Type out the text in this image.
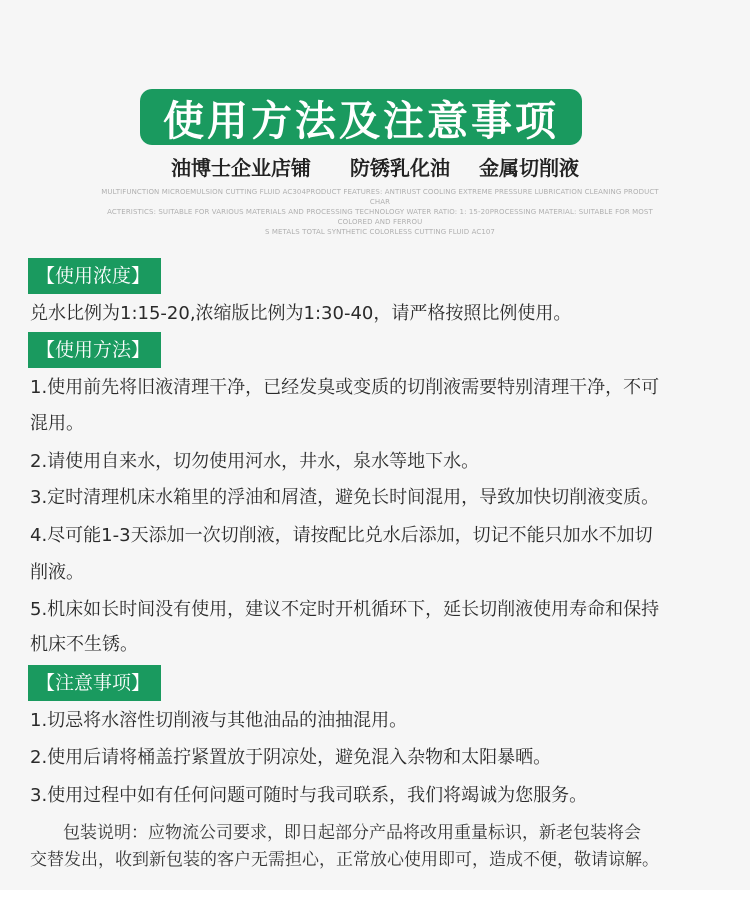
使用方法及注意事项
油博士企业店铺 防锈乳化油 金属切削液
MULTIFUNCTION MICROEMULSION CUTTING FLUID AC304PRODUCT FEATURES: ANTIRUST COOLING EXTREME PRESSURE LUBRICATION CLEANING PRODUCT CHAR
ACTERISTICS: SUITABLE FOR VARIOUS MATERIALS AND PROCESSING TECHNOLOGY WATER RATIO: 1: 15-20PROCESSING MATERIAL: SUITABLE FOR MOST COLORED AND FERROU
S METALS TOTAL SYNTHETIC COLORLESS CUTTING FLUID AC107
【使用浓度】
兑水比例为1:15-20,浓缩版比例为1:30-40，请严格按照比例使用。
【使用方法】
1.使用前先将旧液清理干净，已经发臭或变质的切削液需要特别清理干净，不可
混用。
2.请使用自来水，切勿使用河水，井水，泉水等地下水。
3.定时清理机床水箱里的浮油和屑渣，避免长时间混用，导致加快切削液变质。
4.尽可能1-3天添加一次切削液，请按配比兑水后添加，切记不能只加水不加切
削液。
5.机床如长时间没有使用，建议不定时开机循环下，延长切削液使用寿命和保持
机床不生锈。
【注意事项】
1.切忌将水溶性切削液与其他油品的油抽混用。
2.使用后请将桶盖拧紧置放于阴凉处，避免混入杂物和太阳暴晒。
3.使用过程中如有任何问题可随时与我司联系，我们将竭诚为您服务。
包装说明：应物流公司要求，即日起部分产品将改用重量标识，新老包装将会
交替发出，收到新包装的客户无需担心，正常放心使用即可，造成不便，敬请谅解。
